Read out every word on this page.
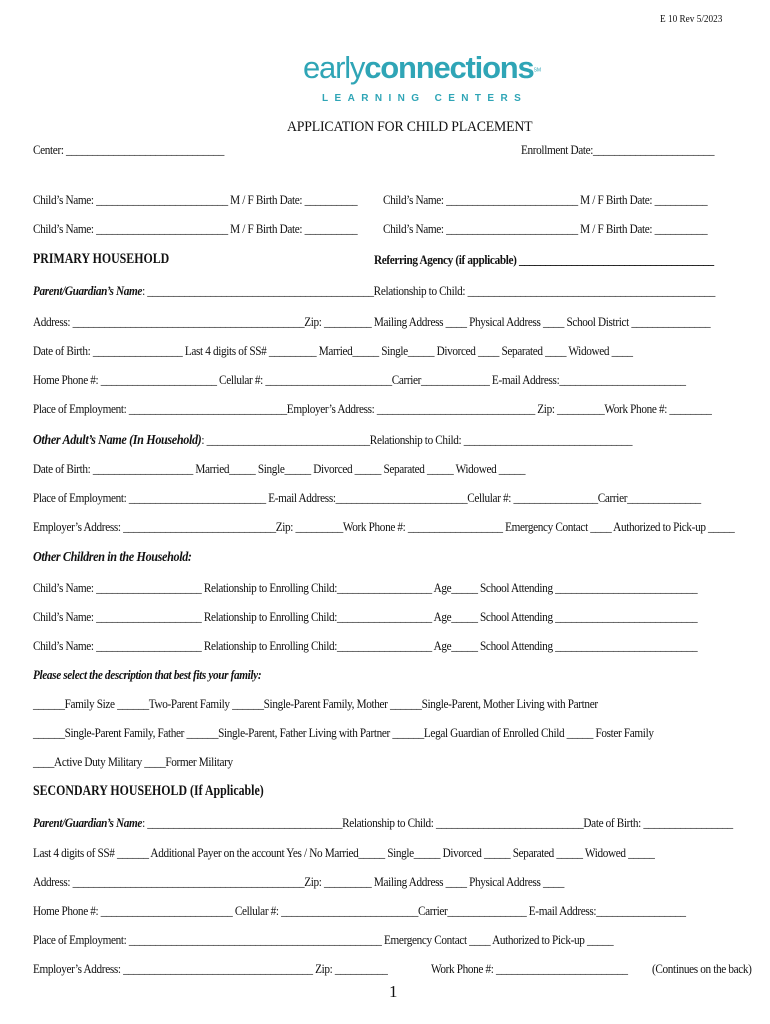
E 10 Rev 5/2023
earlyconnections℠
LEARNING CENTERS
APPLICATION FOR CHILD PLACEMENT
Center: ______________________________	Enrollment Date:_______________________
Child’s Name: _________________________ M / F Birth Date: __________ Child’s Name: _________________________ M / F Birth Date: __________
Child’s Name: _________________________ M / F Birth Date: __________ Child’s Name: _________________________ M / F Birth Date: __________
PRIMARY HOUSEHOLD	Referring Agency (if applicable) _____________________________________
Parent/Guardian’s Name: ___________________________________________Relationship to Child: _______________________________________________
Address: ____________________________________________Zip: _________ Mailing Address ____ Physical Address ____ School District _______________
Date of Birth: _________________ Last 4 digits of SS# _________ Married_____ Single_____ Divorced ____ Separated ____ Widowed ____
Home Phone #: ______________________ Cellular #: ________________________Carrier_____________ E-mail Address:________________________
Place of Employment: ______________________________Employer’s Address: ______________________________ Zip: _________Work Phone #: ________
Other Adult’s Name (In Household): _______________________________Relationship to Child: ________________________________
Date of Birth: ___________________ Married_____ Single_____ Divorced _____ Separated _____ Widowed _____
Place of Employment: __________________________ E-mail Address:_________________________Cellular #: ________________Carrier______________
Employer’s Address: _____________________________Zip: _________Work Phone #: __________________ Emergency Contact ____ Authorized to Pick-up _____
Other Children in the Household:
Child’s Name: ____________________ Relationship to Enrolling Child:__________________ Age_____ School Attending ___________________________
Child’s Name: ____________________ Relationship to Enrolling Child:__________________ Age_____ School Attending ___________________________
Child’s Name: ____________________ Relationship to Enrolling Child:__________________ Age_____ School Attending ___________________________
Please select the description that best fits your family:
______Family Size ______Two-Parent Family ______Single-Parent Family, Mother ______Single-Parent, Mother Living with Partner
______Single-Parent Family, Father ______Single-Parent, Father Living with Partner ______Legal Guardian of Enrolled Child _____ Foster Family
____Active Duty Military ____Former Military
SECONDARY HOUSEHOLD (If Applicable)
Parent/Guardian’s Name: _____________________________________Relationship to Child: ____________________________Date of Birth: _________________
Last 4 digits of SS# ______ Additional Payer on the account Yes / No Married_____ Single_____ Divorced _____ Separated _____ Widowed _____
Address: ____________________________________________Zip: _________ Mailing Address ____ Physical Address ____
Home Phone #: _________________________ Cellular #: __________________________Carrier_______________ E-mail Address:_________________
Place of Employment: ________________________________________________ Emergency Contact ____ Authorized to Pick-up _____
Employer’s Address: ____________________________________ Zip: __________	Work Phone #: _________________________ (Continues on the back)
1
